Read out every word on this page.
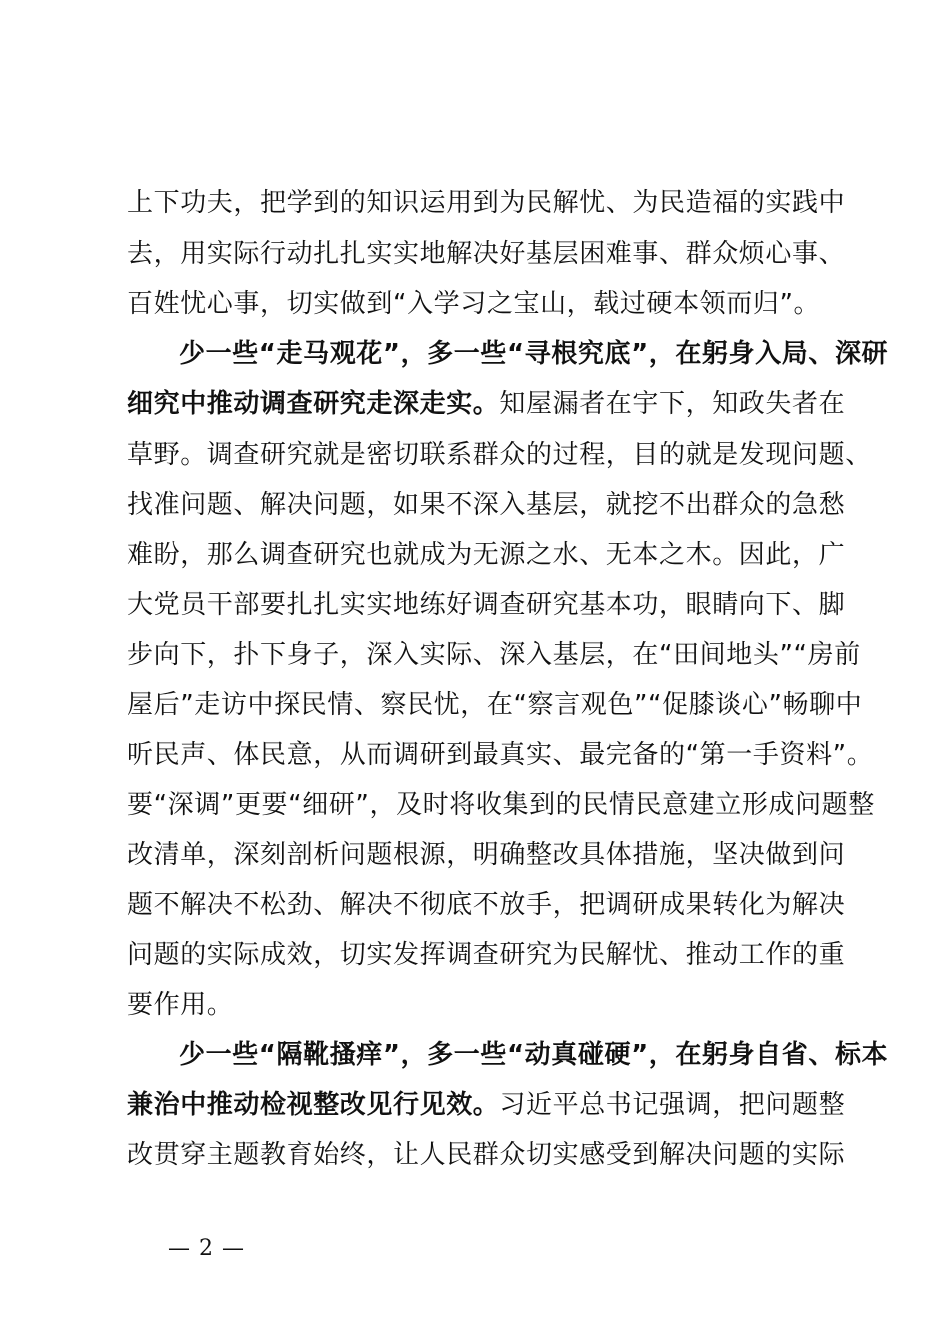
上下功夫，把学到的知识运用到为民解忧、为民造福的实践中
去，用实际行动扎扎实实地解决好基层困难事、群众烦心事、
百姓忧心事，切实做到“入学习之宝山，载过硬本领而归”。
少一些“走马观花”，多一些“寻根究底”，在躬身入局、深研
细究中推动调查研究走深走实。知屋漏者在宇下，知政失者在
草野。调查研究就是密切联系群众的过程，目的就是发现问题、
找准问题、解决问题，如果不深入基层，就挖不出群众的急愁
难盼，那么调查研究也就成为无源之水、无本之木。因此，广
大党员干部要扎扎实实地练好调查研究基本功，眼睛向下、脚
步向下，扑下身子，深入实际、深入基层，在“田间地头”“房前
屋后”走访中探民情、察民忧，在“察言观色”“促膝谈心”畅聊中
听民声、体民意，从而调研到最真实、最完备的“第一手资料”。
要“深调”更要“细研”，及时将收集到的民情民意建立形成问题整
改清单，深刻剖析问题根源，明确整改具体措施，坚决做到问
题不解决不松劲、解决不彻底不放手，把调研成果转化为解决
问题的实际成效，切实发挥调查研究为民解忧、推动工作的重
要作用。
少一些“隔靴搔痒”，多一些“动真碰硬”，在躬身自省、标本
兼治中推动检视整改见行见效。习近平总书记强调，把问题整
改贯穿主题教育始终，让人民群众切实感受到解决问题的实际
— 2 —
